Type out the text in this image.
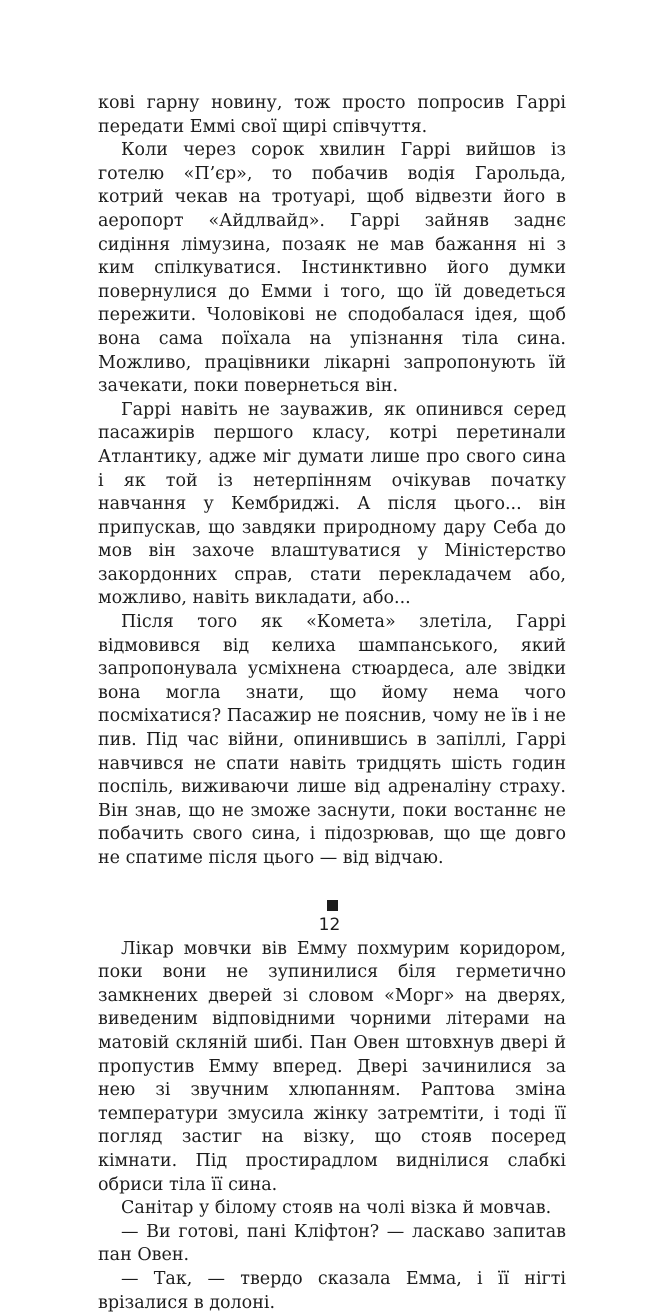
кові гарну новину, тож просто попросив Гаррі передати Еммі свої щирі співчуття.

Коли через сорок хвилин Гаррі вийшов із готелю «П’єр», то побачив водія Гарольда, котрий чекав на тротуарі, щоб відвезти його в аеропорт «Айдлвайд». Гаррі зайняв заднє сидіння лімузина, позаяк не мав бажання ні з ким спілкуватися. Інстинктивно його думки повернулися до Емми і того, що їй доведеться пережити. Чоловікові не сподобалася ідея, щоб вона сама поїхала на упізнання тіла сина. Можливо, працівники лікарні запропонують їй зачекати, поки повернеться він.

Гаррі навіть не зауважив, як опинився серед пасажирів першого класу, котрі перетинали Атлантику, адже міг думати лише про свого сина і як той із нетерпінням очікував початку навчання у Кембриджі. А після цього... він припускав, що завдяки природному дару Себа до мов він захоче влаштуватися у Міністерство закордонних справ, стати перекладачем або, можливо, навіть викладати, або...

Після того як «Комета» злетіла, Гаррі відмовився від келиха шампанського, який запропонувала усміхнена стюардеса, але звідки вона могла знати, що йому нема чого посміхатися? Пасажир не пояснив, чому не їв і не пив. Під час війни, опинившись в запіллі, Гаррі навчився не спати навіть тридцять шість годин поспіль, виживаючи лише від адреналіну страху. Він знав, що не зможе заснути, поки востаннє не побачить свого сина, і підозрював, що ще довго не спатиме після цього — від відчаю.

Лікар мовчки вів Емму похмурим коридором, поки вони не зупинилися біля герметично замкнених дверей зі словом «Морг» на дверях, виведеним відповідними чорними літерами на матовій скляній шибі. Пан Овен штовхнув двері й пропустив Емму вперед. Двері зачинилися за нею зі звучним хлюпанням. Раптова зміна температури змусила жінку затремтіти, і тоді її погляд застиг на візку, що стояв посеред кімнати. Під простирадлом виднілися слабкі обриси тіла її сина.

Санітар у білому стояв на чолі візка й мовчав.

— Ви готові, пані Кліфтон? — ласкаво запитав пан Овен.

— Так, — твердо сказала Емма, і її нігті врізалися в долоні.

12
